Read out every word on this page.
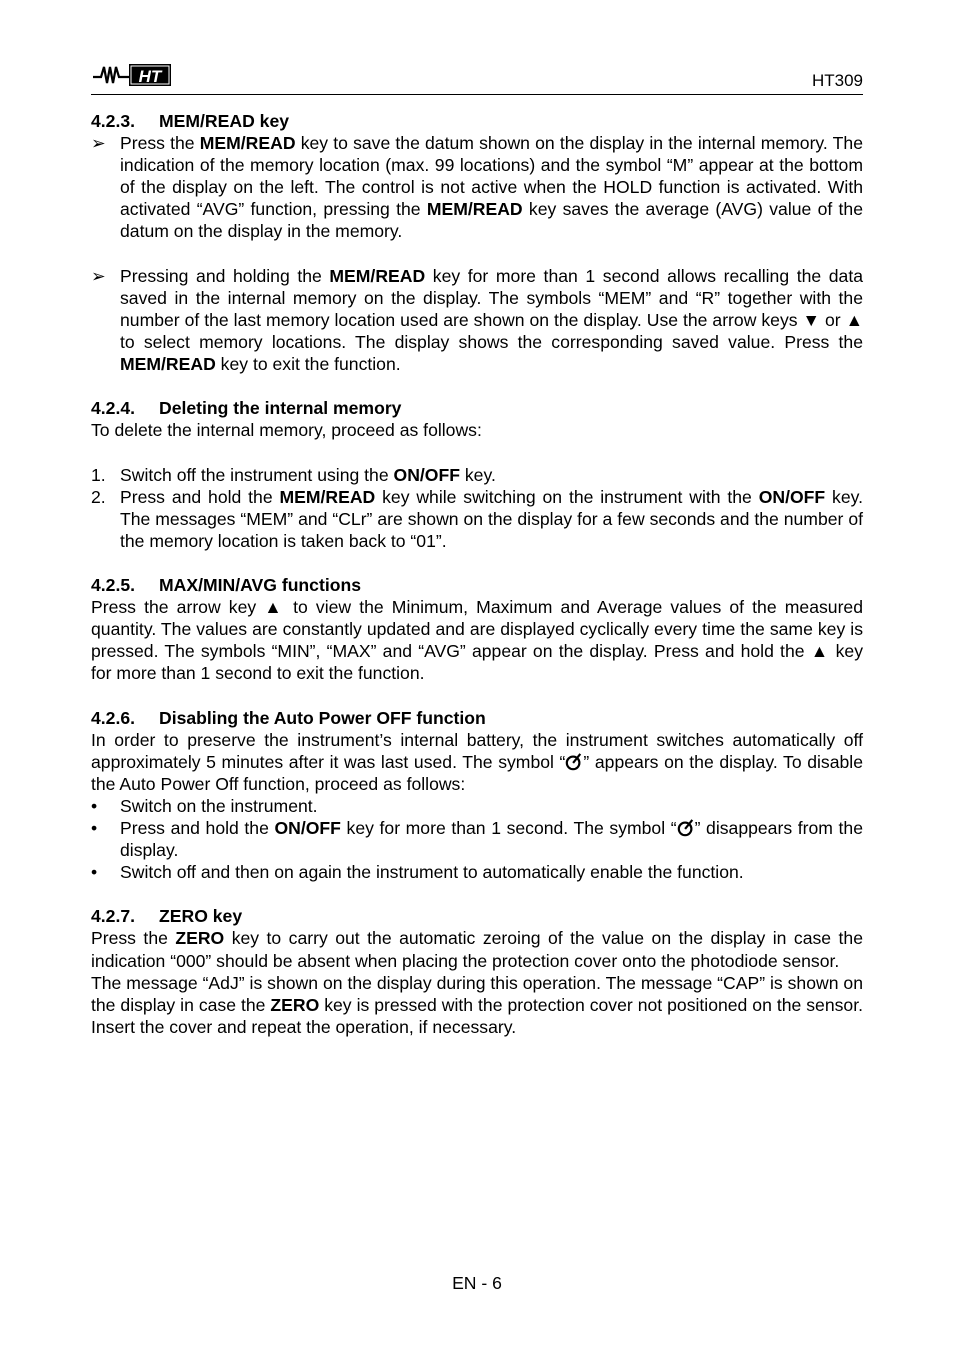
HT	HT309
4.2.3. MEM/READ key
➢ Press the MEM/READ key to save the datum shown on the display in the internal memory. The indication of the memory location (max. 99 locations) and the symbol “M” appear at the bottom of the display on the left. The control is not active when the HOLD function is activated. With activated “AVG” function, pressing the MEM/READ key saves the average (AVG) value of the datum on the display in the memory.
➢ Pressing and holding the MEM/READ key for more than 1 second allows recalling the data saved in the internal memory on the display. The symbols “MEM” and “R” together with the number of the last memory location used are shown on the display. Use the arrow keys ▼ or ▲ to select memory locations. The display shows the corresponding saved value. Press the MEM/READ key to exit the function.
4.2.4. Deleting the internal memory

To delete the internal memory, proceed as follows:

1. Switch off the instrument using the ON/OFF key.
2. Press and hold the MEM/READ key while switching on the instrument with the ON/OFF key. The messages “MEM” and “CLr” are shown on the display for a few seconds and the number of the memory location is taken back to “01”.
4.2.5. MAX/MIN/AVG functions

Press the arrow key ▲ to view the Minimum, Maximum and Average values of the measured quantity. The values are constantly updated and are displayed cyclically every time the same key is pressed. The symbols “MIN”, “MAX” and “AVG” appear on the display. Press and hold the ▲ key for more than 1 second to exit the function.

4.2.6. Disabling the Auto Power OFF function

In order to preserve the instrument’s internal battery, the instrument switches automatically off approximately 5 minutes after it was last used. The symbol “ ” appears on the display. To disable the Auto Power Off function, proceed as follows:

•	Switch on the instrument.
•	Press and hold the ON/OFF key for more than 1 second. The symbol “ ” disappears from the display.
•	Switch off and then on again the instrument to automatically enable the function.
4.2.7. ZERO key

Press the ZERO key to carry out the automatic zeroing of the value on the display in case the indication “000” should be absent when placing the protection cover onto the photodiode sensor.

The message “AdJ” is shown on the display during this operation. The message “CAP” is shown on the display in case the ZERO key is pressed with the protection cover not positioned on the sensor. Insert the cover and repeat the operation, if necessary.

EN - 6
